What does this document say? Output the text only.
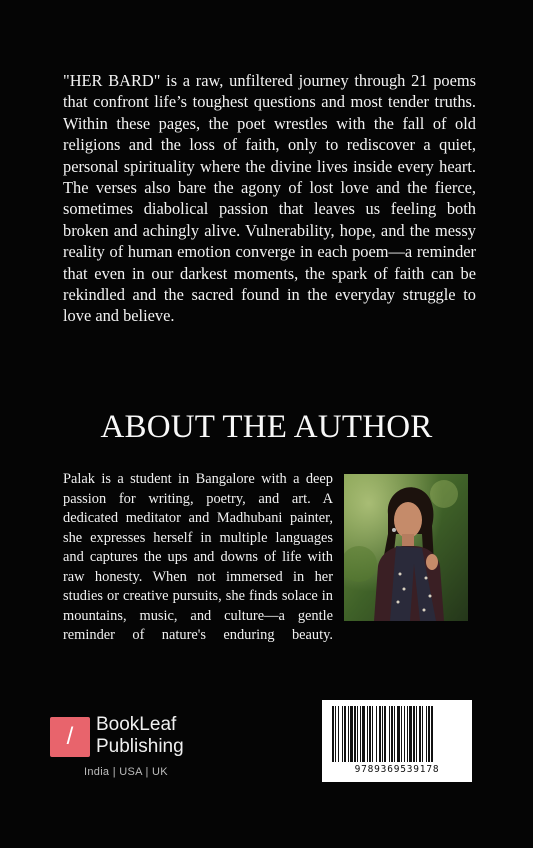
"HER BARD" is a raw, unfiltered journey through 21 poems that confront life’s toughest questions and most tender truths. Within these pages, the poet wrestles with the fall of old religions and the loss of faith, only to rediscover a quiet, personal spirituality where the divine lives inside every heart. The verses also bare the agony of lost love and the fierce, sometimes diabolical passion that leaves us feeling both broken and achingly alive. Vulnerability, hope, and the messy reality of human emotion converge in each poem—a reminder that even in our darkest moments, the spark of faith can be rekindled and the sacred found in the everyday struggle to love and believe.

ABOUT THE AUTHOR

Palak is a student in Bangalore with a deep passion for writing, poetry, and art. A dedicated meditator and Madhubani painter, she expresses herself in multiple languages and captures the ups and downs of life with raw honesty. When not immersed in her studies or creative pursuits, she finds solace in mountains, music, and culture—a gentle reminder of nature's enduring beauty.

/	BookLeaf
Publishing
India | USA | UK	9789369539178
